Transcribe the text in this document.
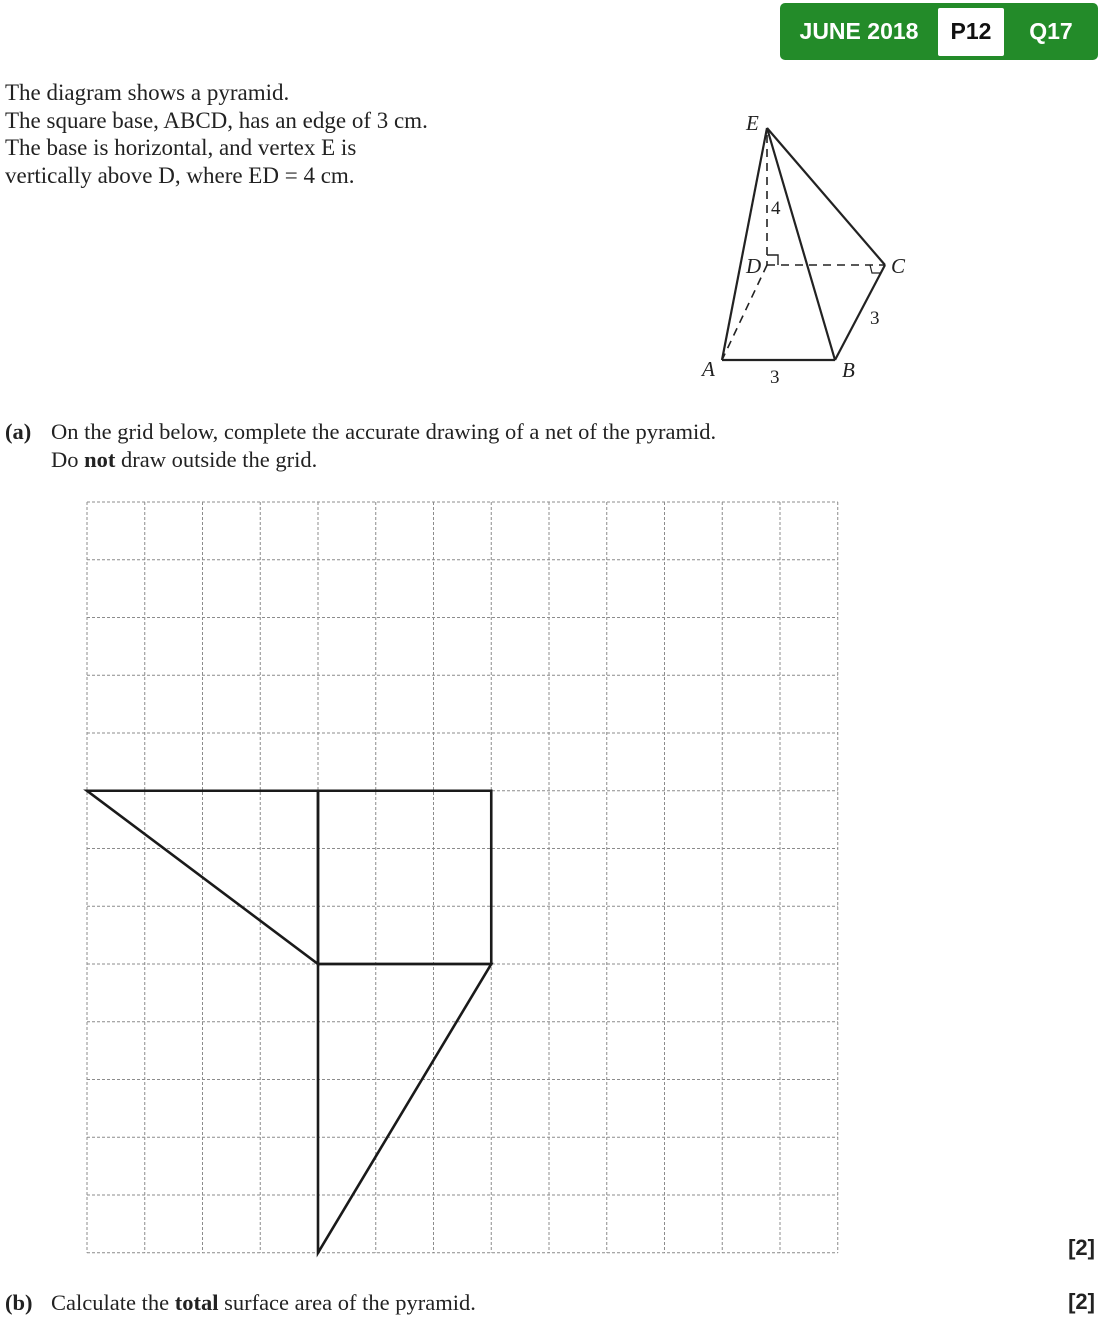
JUNE 2018	P12	Q17
The diagram shows a pyramid.
The square base, ABCD, has an edge of 3 cm.
The base is horizontal, and vertex E is
vertically above D, where ED = 4 cm.
E
D	C
A	B
4
3
3
(a) On the grid below, complete the accurate drawing of a net of the pyramid.
Do not draw outside the grid.
[2]
(b) Calculate the total surface area of the pyramid.	[2]
